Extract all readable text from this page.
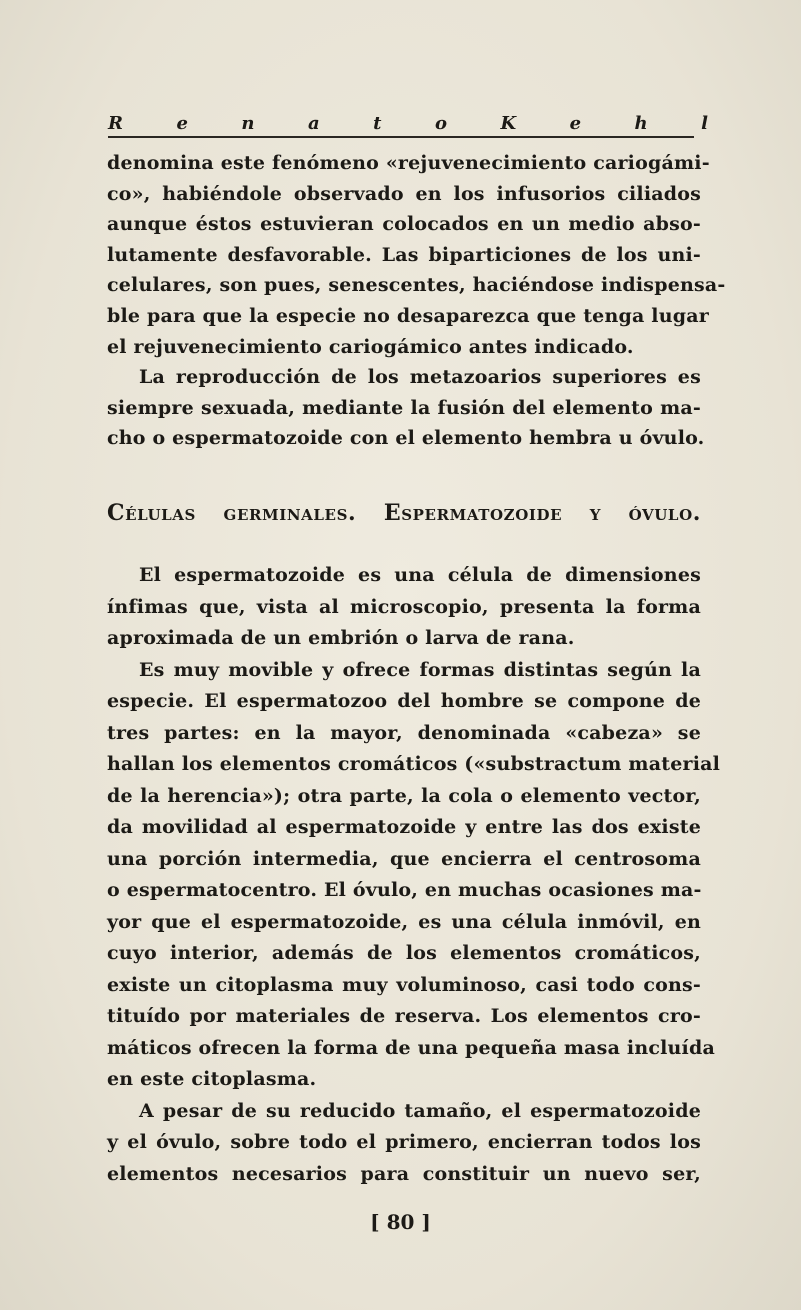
R	e	n	a	t	o	K	e	h	l
denomina este fenómeno «rejuvenecimiento cariogámi-
co», habiéndole observado en los infusorios ciliados
aunque éstos estuvieran colocados en un medio abso-
lutamente desfavorable. Las biparticiones de los uni-
celulares, son pues, senescentes, haciéndose indispensa-
ble para que la especie no desaparezca que tenga lugar
el rejuvenecimiento cariogámico antes indicado.
La reproducción de los metazoarios superiores es
siempre sexuada, mediante la fusión del elemento ma-
cho o espermatozoide con el elemento hembra u óvulo.
Células germinales. Espermatozoide y óvulo.
El espermatozoide es una célula de dimensiones
ínfimas que, vista al microscopio, presenta la forma
aproximada de un embrión o larva de rana.
Es muy movible y ofrece formas distintas según la
especie. El espermatozoo del hombre se compone de
tres partes: en la mayor, denominada «cabeza» se
hallan los elementos cromáticos («substractum material
de la herencia»); otra parte, la cola o elemento vector,
da movilidad al espermatozoide y entre las dos existe
una porción intermedia, que encierra el centrosoma
o espermatocentro. El óvulo, en muchas ocasiones ma-
yor que el espermatozoide, es una célula inmóvil, en
cuyo interior, además de los elementos cromáticos,
existe un citoplasma muy voluminoso, casi todo cons-
tituído por materiales de reserva. Los elementos cro-
máticos ofrecen la forma de una pequeña masa incluída
en este citoplasma.
A pesar de su reducido tamaño, el espermatozoide
y el óvulo, sobre todo el primero, encierran todos los
elementos necesarios para constituir un nuevo ser,
[ 80 ]
